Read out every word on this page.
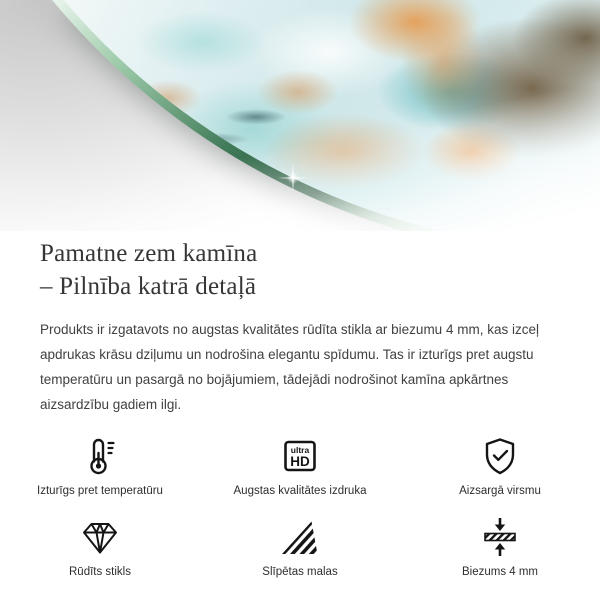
Pamatne zem kamīna
– Pilnība katrā detaļā

Produkts ir izgatavots no augstas kvalitātes rūdīta stikla ar biezumu 4 mm, kas izceļ apdrukas krāsu dziļumu un nodrošina elegantu spīdumu. Tas ir izturīgs pret augstu temperatūru un pasargā no bojājumiem, tādejādi nodrošinot kamīna apkārtnes aizsardzību gadiem ilgi.

Izturīgs pret temperatūru
ultra
HD
Augstas kvalitātes izdruka	Aizsargā virsmu
Rūdīts stikls	Slīpētas malas	Biezums 4 mm
